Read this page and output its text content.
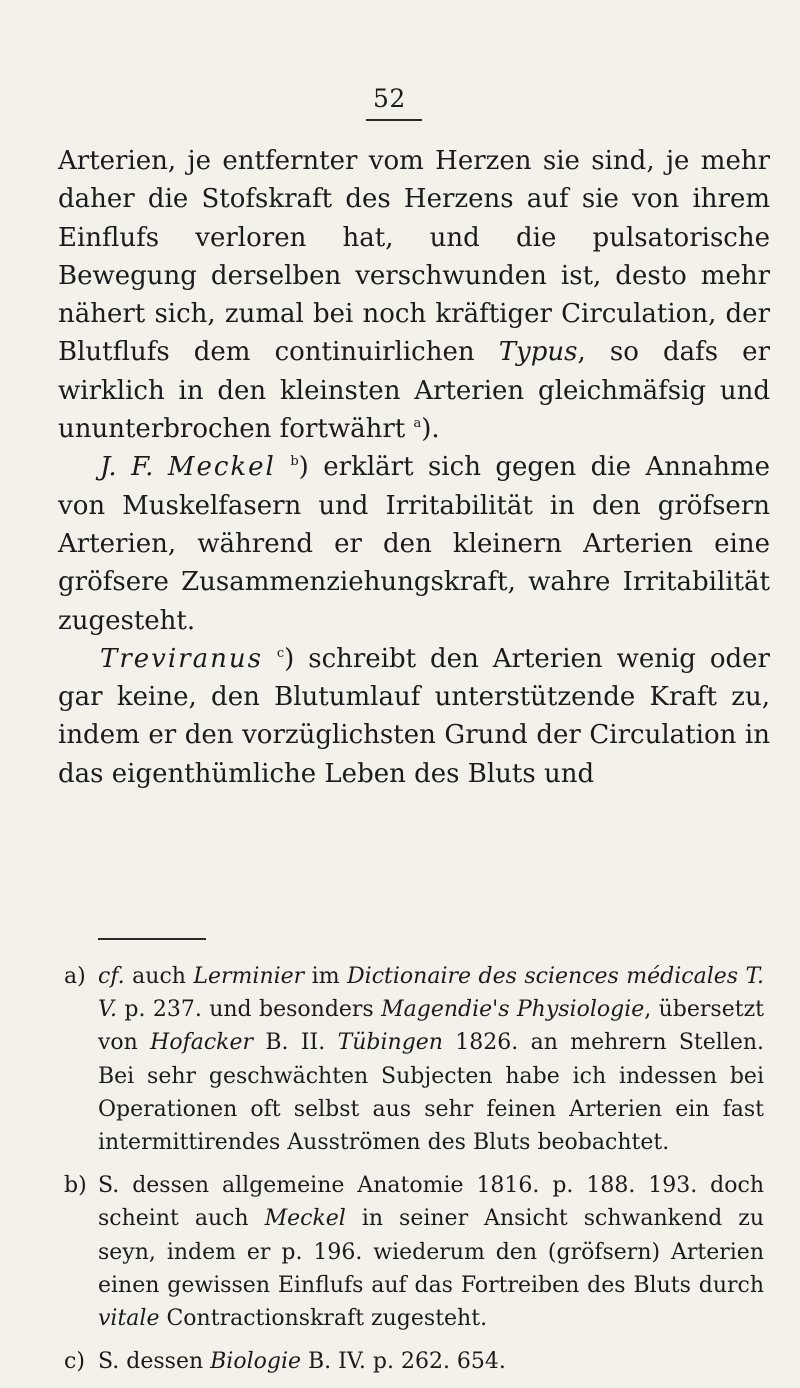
52

Arterien, je entfernter vom Herzen sie sind, je mehr daher die Stofskraft des Herzens auf sie von ihrem Einflufs verloren hat, und die pulsatorische Bewegung derselben verschwunden ist, desto mehr nähert sich, zumal bei noch kräftiger Circulation, der Blutflufs dem continuirlichen Typus, so dafs er wirklich in den kleinsten Arterien gleichmäfsig und ununterbrochen fortwährt $^a$).

J. F. Meckel $^b$) erklärt sich gegen die Annahme von Muskelfasern und Irritabilität in den gröfsern Arterien, während er den kleinern Arterien eine gröfsere Zusammenziehungskraft, wahre Irritabilität zugesteht.

Treviranus $^c$) schreibt den Arterien wenig oder gar keine, den Blutumlauf unterstützende Kraft zu, indem er den vorzüglichsten Grund der Circulation in das eigenthümliche Leben des Bluts und

a) cf. auch Lerminier im Dictionaire des sciences médicales T. V. p. 237. und besonders Magendie's Physiologie, übersetzt von Hofacker B. II. Tübingen 1826. an mehrern Stellen. Bei sehr geschwächten Subjecten habe ich indessen bei Operationen oft selbst aus sehr feinen Arterien ein fast intermittirendes Ausströmen des Bluts beobachtet.
b) S. dessen allgemeine Anatomie 1816. p. 188. 193. doch scheint auch Meckel in seiner Ansicht schwankend zu seyn, indem er p. 196. wiederum den (gröfsern) Arterien einen gewissen Einflufs auf das Fortreiben des Bluts durch vitale Contractionskraft zugesteht.
c) S. dessen Biologie B. IV. p. 262. 654.
